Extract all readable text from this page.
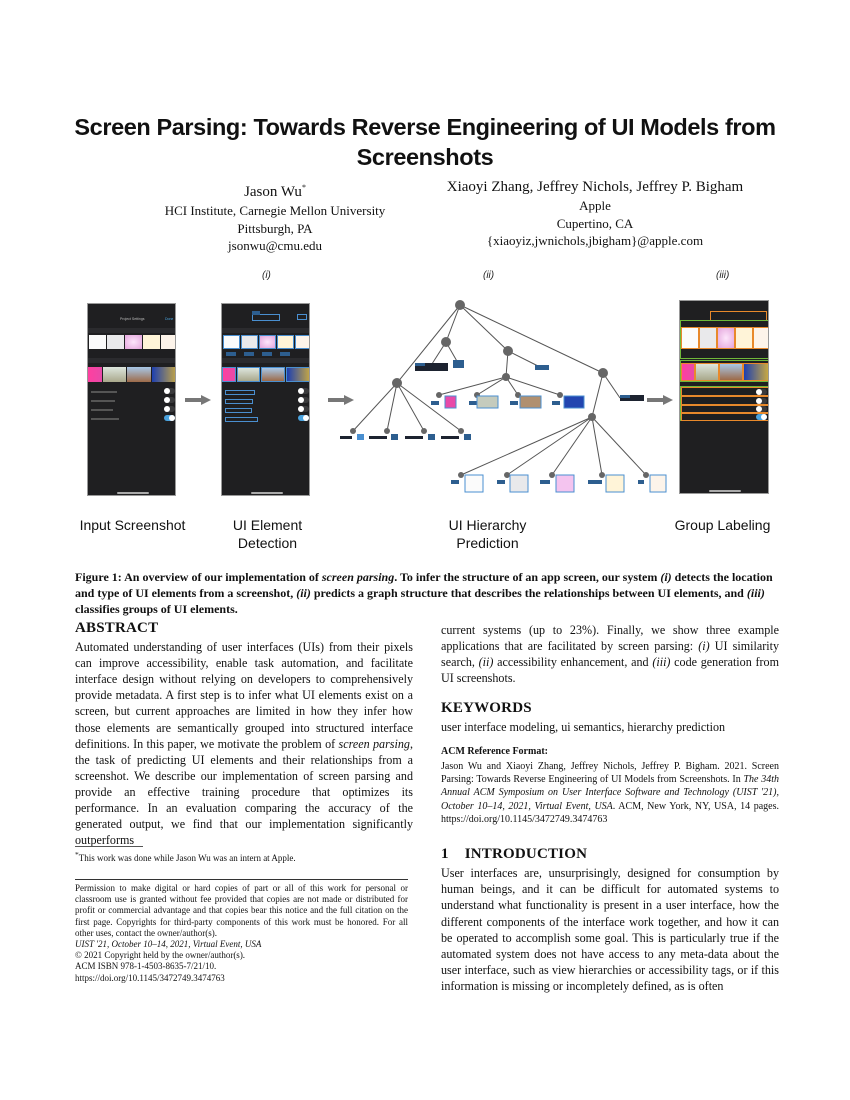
Screen Parsing: Towards Reverse Engineering of UI Models from Screenshots
Jason Wu*
HCI Institute, Carnegie Mellon University
Pittsburgh, PA
jsonwu@cmu.edu
Xiaoyi Zhang, Jeffrey Nichols, Jeffrey P. Bigham
Apple
Cupertino, CA
{xiaoyiz,jwnichols,jbigham}@apple.com
(i)	(ii)	(iii)
Project Settings	Done
Input Screenshot	UI Element
Detection
UI Hierarchy
Prediction
Group Labeling

Figure 1: An overview of our implementation of screen parsing. To infer the structure of an app screen, our system (i) detects the location and type of UI elements from a screenshot, (ii) predicts a graph structure that describes the relationships between UI elements, and (iii) classifies groups of UI elements.

ABSTRACT

Automated understanding of user interfaces (UIs) from their pixels can improve accessibility, enable task automation, and facilitate interface design without relying on developers to comprehensively provide metadata. A first step is to infer what UI elements exist on a screen, but current approaches are limited in how they infer how those elements are semantically grouped into structured interface definitions. In this paper, we motivate the problem of screen parsing, the task of predicting UI elements and their relationships from a screenshot. We describe our implementation of screen parsing and provide an effective training procedure that optimizes its performance. In an evaluation comparing the accuracy of the generated output, we find that our implementation significantly outperforms

*This work was done while Jason Wu was an intern at Apple.
Permission to make digital or hard copies of part or all of this work for personal or classroom use is granted without fee provided that copies are not made or distributed for profit or commercial advantage and that copies bear this notice and the full citation on the first page. Copyrights for third-party components of this work must be honored. For all other uses, contact the owner/author(s).
UIST '21, October 10–14, 2021, Virtual Event, USA
© 2021 Copyright held by the owner/author(s).
ACM ISBN 978-1-4503-8635-7/21/10.
https://doi.org/10.1145/3472749.3474763

current systems (up to 23%). Finally, we show three example applications that are facilitated by screen parsing: (i) UI similarity search, (ii) accessibility enhancement, and (iii) code generation from UI screenshots.

KEYWORDS

user interface modeling, ui semantics, hierarchy prediction

ACM Reference Format:

Jason Wu and Xiaoyi Zhang, Jeffrey Nichols, Jeffrey P. Bigham. 2021. Screen Parsing: Towards Reverse Engineering of UI Models from Screenshots. In The 34th Annual ACM Symposium on User Interface Software and Technology (UIST '21), October 10–14, 2021, Virtual Event, USA. ACM, New York, NY, USA, 14 pages. https://doi.org/10.1145/3472749.3474763

1 INTRODUCTION

User interfaces are, unsurprisingly, designed for consumption by human beings, and it can be difficult for automated systems to understand what functionality is present in a user interface, how the different components of the interface work together, and how it can be operated to accomplish some goal. This is particularly true if the automated system does not have access to any meta-data about the user interface, such as view hierarchies or accessibility tags, or if this information is missing or incompletely defined, as is often
